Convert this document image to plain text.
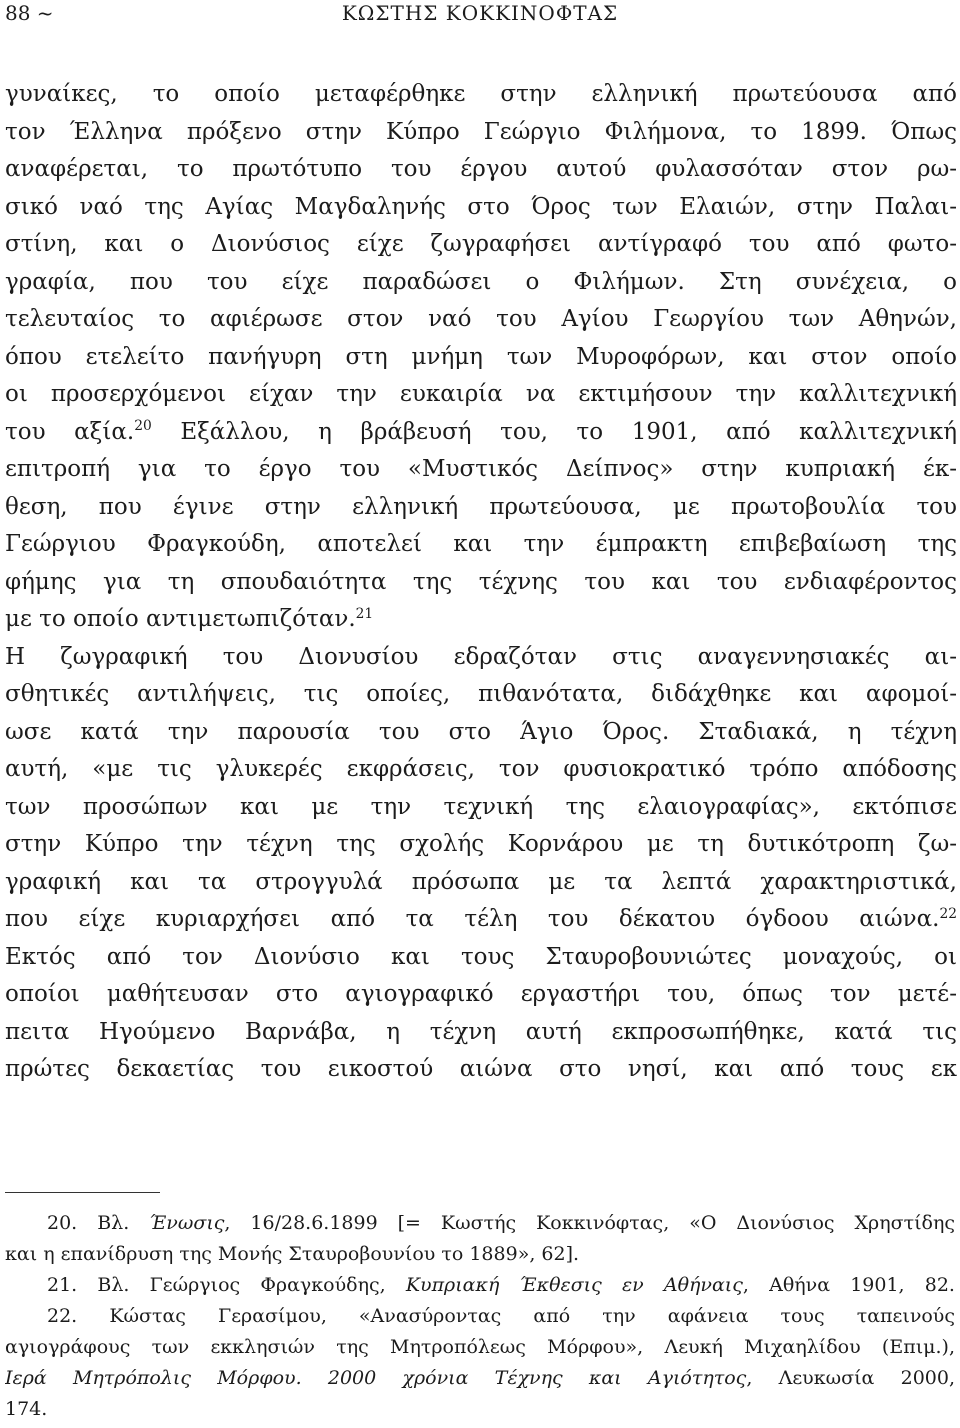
88 ~	ΚΩΣΤΗΣ ΚΟΚΚΙΝΟΦΤΑΣ
γυναίκες, το οποίο μεταφέρθηκε στην ελληνική πρωτεύουσα από
τον Έλληνα πρόξενο στην Κύπρο Γεώργιο Φιλήμονα, το 1899. Όπως
αναφέρεται, το πρωτότυπο του έργου αυτού φυλασσόταν στον ρω-
σικό ναό της Αγίας Μαγδαληνής στο Όρος των Ελαιών, στην Παλαι-
στίνη, και ο Διονύσιος είχε ζωγραφήσει αντίγραφό του από φωτο-
γραφία, που του είχε παραδώσει ο Φιλήμων. Στη συνέχεια, ο
τελευταίος το αφιέρωσε στον ναό του Αγίου Γεωργίου των Αθηνών,
όπου ετελείτο πανήγυρη στη μνήμη των Μυροφόρων, και στον οποίο
οι προσερχόμενοι είχαν την ευκαιρία να εκτιμήσουν την καλλιτεχνική
του αξία.$^{20}$ Εξάλλου, η βράβευσή του, το 1901, από καλλιτεχνική
επιτροπή για το έργο του «Μυστικός Δείπνος» στην κυπριακή έκ-
θεση, που έγινε στην ελληνική πρωτεύουσα, με πρωτοβουλία του
Γεώργιου Φραγκούδη, αποτελεί και την έμπρακτη επιβεβαίωση της
φήμης για τη σπουδαιότητα της τέχνης του και του ενδιαφέροντος
με το οποίο αντιμετωπιζόταν.$^{21}$
Η ζωγραφική του Διονυσίου εδραζόταν στις αναγεννησιακές αι-
σθητικές αντιλήψεις, τις οποίες, πιθανότατα, διδάχθηκε και αφομοί-
ωσε κατά την παρουσία του στο Άγιο Όρος. Σταδιακά, η τέχνη
αυτή, «με τις γλυκερές εκφράσεις, τον φυσιοκρατικό τρόπο απόδοσης
των προσώπων και με την τεχνική της ελαιογραφίας», εκτόπισε
στην Κύπρο την τέχνη της σχολής Κορνάρου με τη δυτικότροπη ζω-
γραφική και τα στρογγυλά πρόσωπα με τα λεπτά χαρακτηριστικά,
που είχε κυριαρχήσει από τα τέλη του δέκατου όγδοου αιώνα.$^{22}$
Εκτός από τον Διονύσιο και τους Σταυροβουνιώτες μοναχούς, οι
οποίοι μαθήτευσαν στο αγιογραφικό εργαστήρι του, όπως τον μετέ-
πειτα Ηγούμενο Βαρνάβα, η τέχνη αυτή εκπροσωπήθηκε, κατά τις
πρώτες δεκαετίας του εικοστού αιώνα στο νησί, και από τους εκ
20. Βλ. Ένωσις, 16/28.6.1899 [= Κωστής Κοκκινόφτας, «Ο Διονύσιος Χρηστίδης
και η επανίδρυση της Μονής Σταυροβουνίου το 1889», 62].
21. Βλ. Γεώργιος Φραγκούδης, Κυπριακή Έκθεσις εν Αθήναις, Αθήνα 1901, 82.
22. Κώστας Γερασίμου, «Ανασύροντας από την αφάνεια τους ταπεινούς
αγιογράφους των εκκλησιών της Μητροπόλεως Μόρφου», Λευκή Μιχαηλίδου (Επιμ.),
Ιερά Μητρόπολις Μόρφου. 2000 χρόνια Τέχνης και Αγιότητος, Λευκωσία 2000,
174.
